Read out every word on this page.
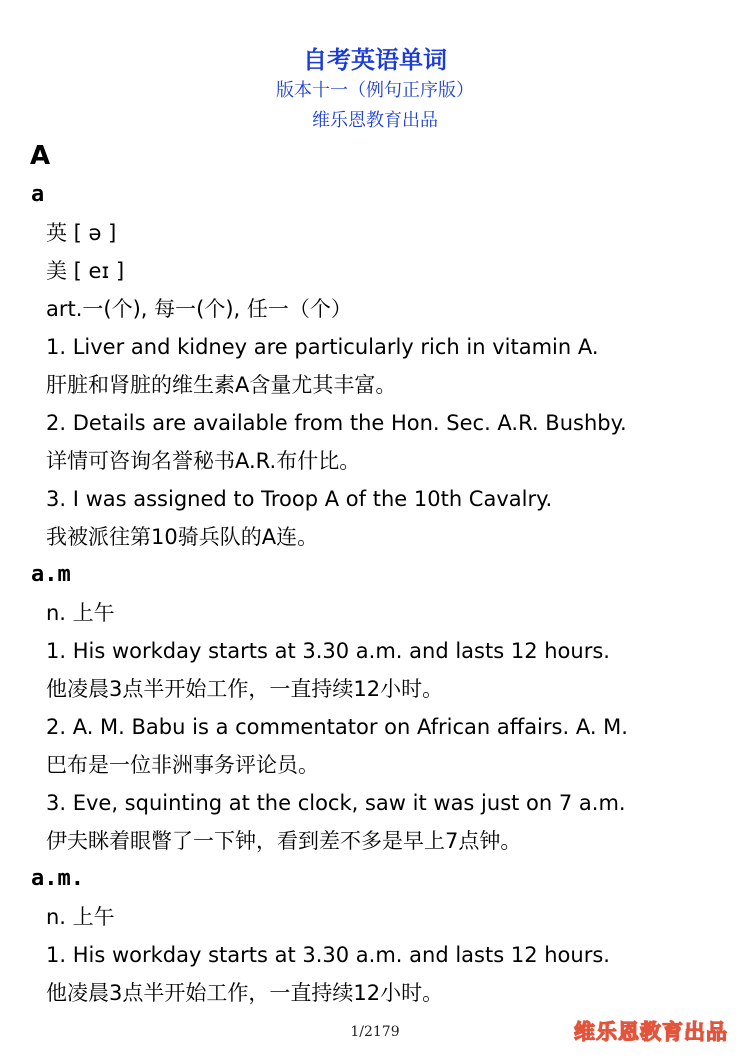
自考英语单词
版本十一（例句正序版）
维乐恩教育出品
A
a
英 [ ə ]
美 [ eɪ ]
art.一(个), 每一(个), 任一（个）
1. Liver and kidney are particularly rich in vitamin A.
肝脏和肾脏的维生素A含量尤其丰富。
2. Details are available from the Hon. Sec. A.R. Bushby.
详情可咨询名誉秘书A.R.布什比。
3. I was assigned to Troop A of the 10th Cavalry.
我被派往第10骑兵队的A连。
a.m
n. 上午
1. His workday starts at 3.30 a.m. and lasts 12 hours.
他凌晨3点半开始工作，一直持续12小时。
2. A. M. Babu is a commentator on African affairs. A. M.
巴布是一位非洲事务评论员。
3. Eve, squinting at the clock, saw it was just on 7 a.m.
伊夫眯着眼瞥了一下钟，看到差不多是早上7点钟。
a.m.
n. 上午
1. His workday starts at 3.30 a.m. and lasts 12 hours.
他凌晨3点半开始工作，一直持续12小时。
1/2179	维乐恩教育出品
